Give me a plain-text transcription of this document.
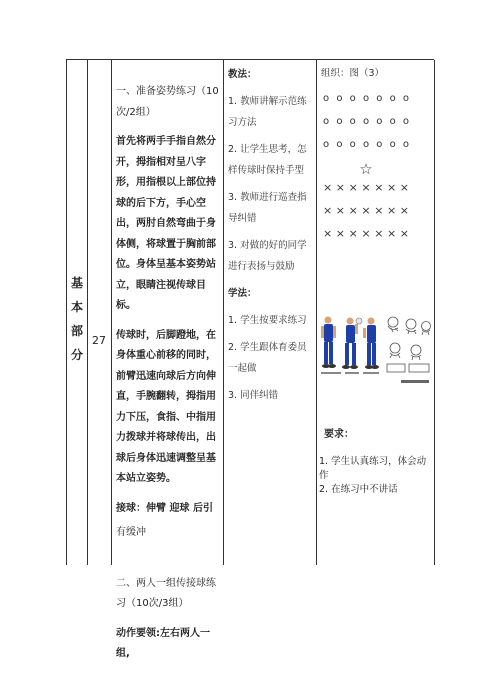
基
本
部
分
27

一、准备姿势练习（10次/2组）

首先将两手手指自然分开，拇指相对呈八字形，用指根以上部位持球的后下方，手心空出，两肘自然弯曲于身体侧，将球置于胸前部位。身体呈基本姿势站立，眼睛注视传球目标。

传球时，后脚蹬地，在身体重心前移的同时，前臂迅速向球后方向伸直，手腕翻转，拇指用力下压，食指、中指用力拨球并将球传出，出球后身体迅速调整呈基本站立姿势。

接球：伸臂 迎球 后引

有缓冲

二、两人一组传接球练习（10次/3组）

动作要领:左右两人一组,

教法：

1. 教师讲解示范练习方法

2. 让学生思考，怎样传球时保持手型

3. 教师进行巡查指导纠错

3. 对做的好的同学进行表扬与鼓励

学法：

1. 学生按要求练习

2. 学生跟体育委员一起做

3. 同伴纠错

组织：图（3）
o o o o o o o
o o o o o o o
o o o o o o o
☆
× × × × × × ×
× × × × × × ×
× × × × × × ×
要求：
1. 学生认真练习，体会动作
2. 在练习中不讲话
